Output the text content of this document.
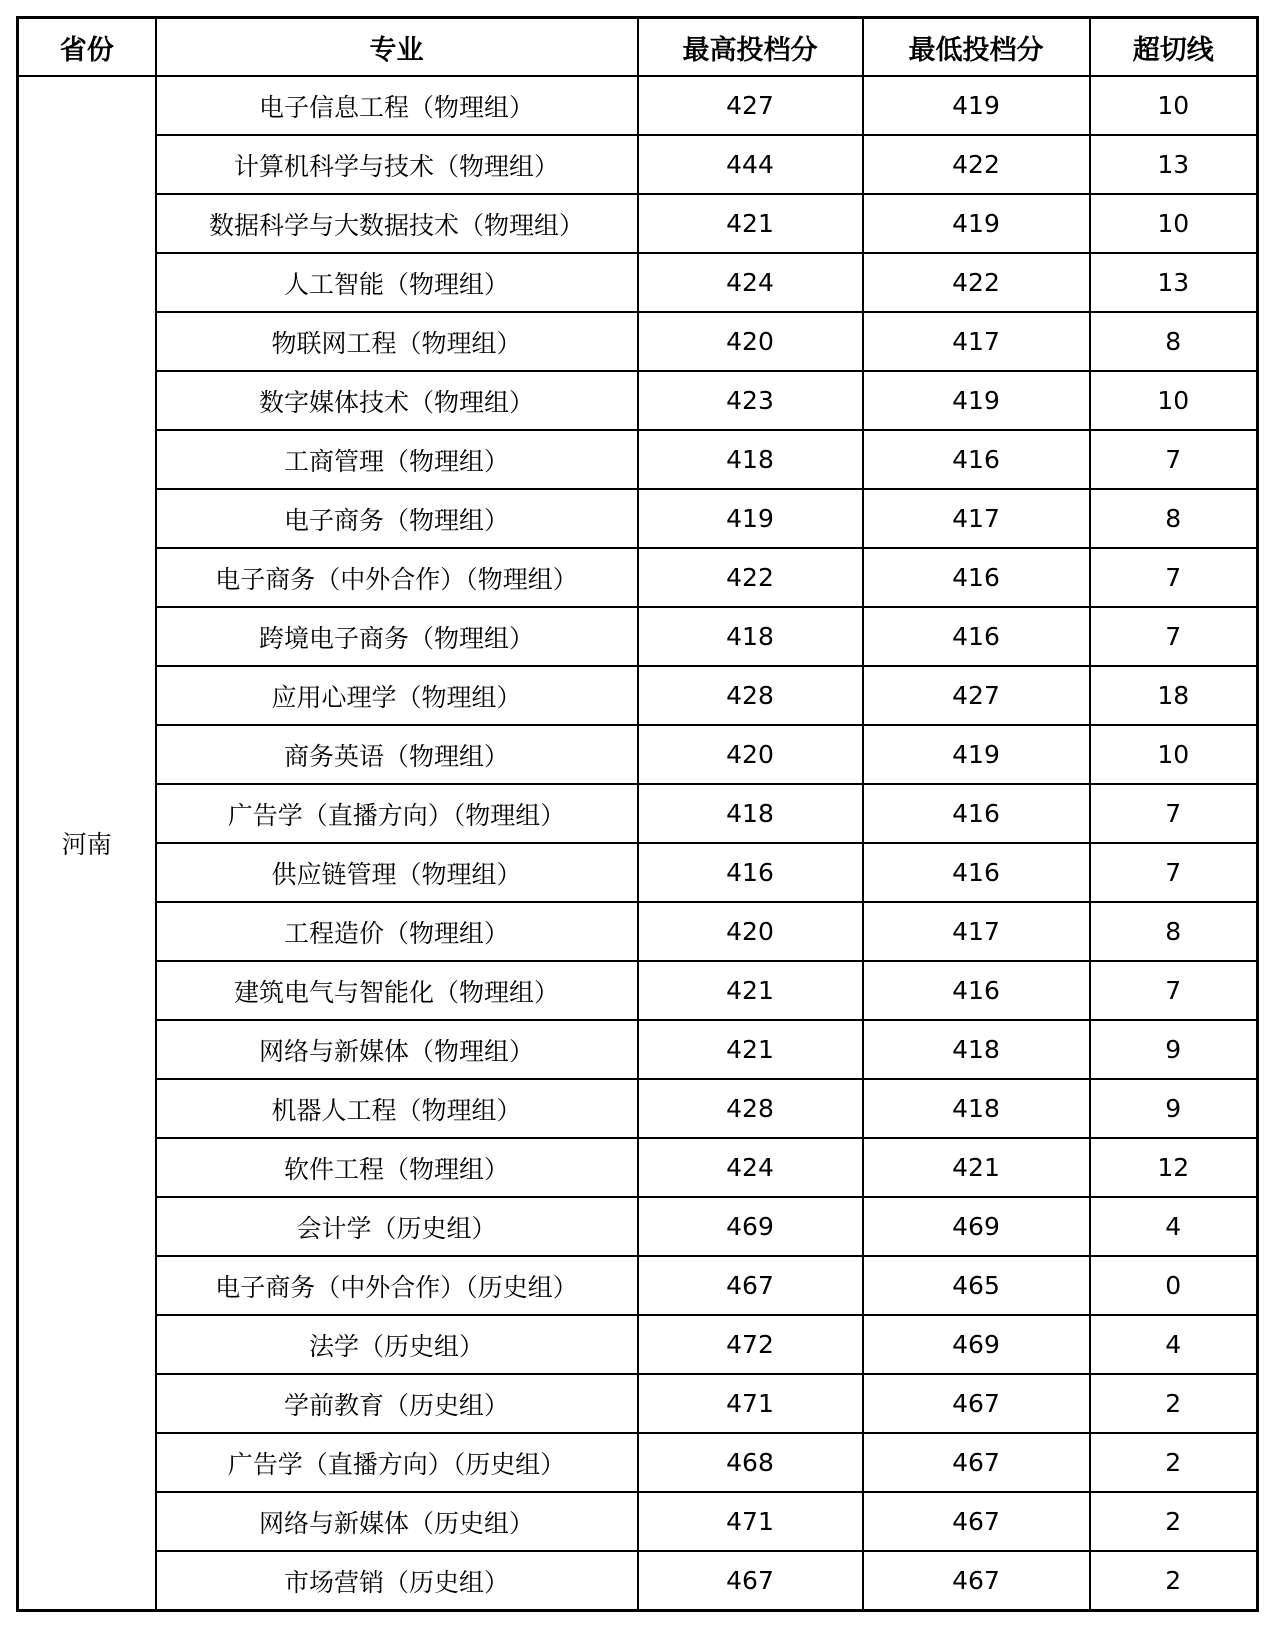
省份	专业	最高投档分	最低投档分	超切线
河南	电子信息工程（物理组）	427	419	10
	计算机科学与技术（物理组）	444	422	13
	数据科学与大数据技术（物理组）	421	419	10
	人工智能（物理组）	424	422	13
	物联网工程（物理组）	420	417	8
	数字媒体技术（物理组）	423	419	10
	工商管理（物理组）	418	416	7
	电子商务（物理组）	419	417	8
	电子商务（中外合作）（物理组）	422	416	7
	跨境电子商务（物理组）	418	416	7
	应用心理学（物理组）	428	427	18
	商务英语（物理组）	420	419	10
	广告学（直播方向）（物理组）	418	416	7
	供应链管理（物理组）	416	416	7
	工程造价（物理组）	420	417	8
	建筑电气与智能化（物理组）	421	416	7
	网络与新媒体（物理组）	421	418	9
	机器人工程（物理组）	428	418	9
	软件工程（物理组）	424	421	12
	会计学（历史组）	469	469	4
	电子商务（中外合作）（历史组）	467	465	0
	法学（历史组）	472	469	4
	学前教育（历史组）	471	467	2
	广告学（直播方向）（历史组）	468	467	2
	网络与新媒体（历史组）	471	467	2
	市场营销（历史组）	467	467	2
